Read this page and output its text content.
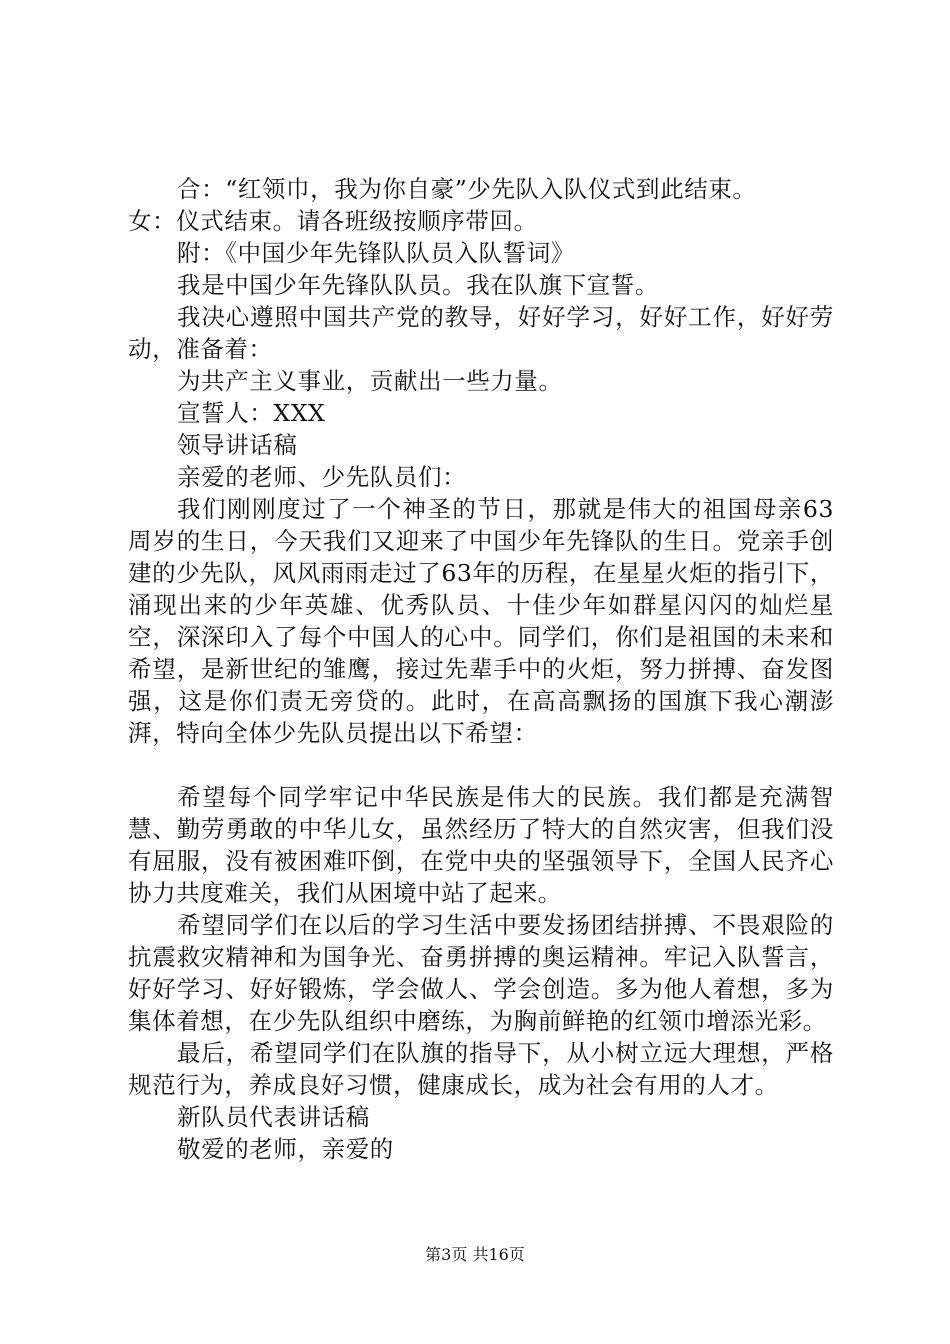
合：“红领巾，我为你自豪”少先队入队仪式到此结束。

女：仪式结束。请各班级按顺序带回。

附：《中国少年先锋队队员入队誓词》

我是中国少年先锋队队员。我在队旗下宣誓。

我决心遵照中国共产党的教导，好好学习，好好工作，好好劳动，准备着：

为共产主义事业，贡献出一些力量。

宣誓人：XXX

领导讲话稿

亲爱的老师、少先队员们：

我们刚刚度过了一个神圣的节日，那就是伟大的祖国母亲63周岁的生日，今天我们又迎来了中国少年先锋队的生日。党亲手创建的少先队，风风雨雨走过了63年的历程，在星星火炬的指引下，涌现出来的少年英雄、优秀队员、十佳少年如群星闪闪的灿烂星空，深深印入了每个中国人的心中。同学们，你们是祖国的未来和希望，是新世纪的雏鹰，接过先辈手中的火炬，努力拼搏、奋发图强，这是你们责无旁贷的。此时，在高高飘扬的国旗下我心潮澎湃，特向全体少先队员提出以下希望：

希望每个同学牢记中华民族是伟大的民族。我们都是充满智慧、勤劳勇敢的中华儿女，虽然经历了特大的自然灾害，但我们没有屈服，没有被困难吓倒，在党中央的坚强领导下，全国人民齐心协力共度难关，我们从困境中站了起来。

希望同学们在以后的学习生活中要发扬团结拼搏、不畏艰险的抗震救灾精神和为国争光、奋勇拼搏的奥运精神。牢记入队誓言，好好学习、好好锻炼，学会做人、学会创造。多为他人着想，多为集体着想，在少先队组织中磨练，为胸前鲜艳的红领巾增添光彩。

最后，希望同学们在队旗的指导下，从小树立远大理想，严格规范行为，养成良好习惯，健康成长，成为社会有用的人才。

新队员代表讲话稿

敬爱的老师，亲爱的

第3页 共16页
